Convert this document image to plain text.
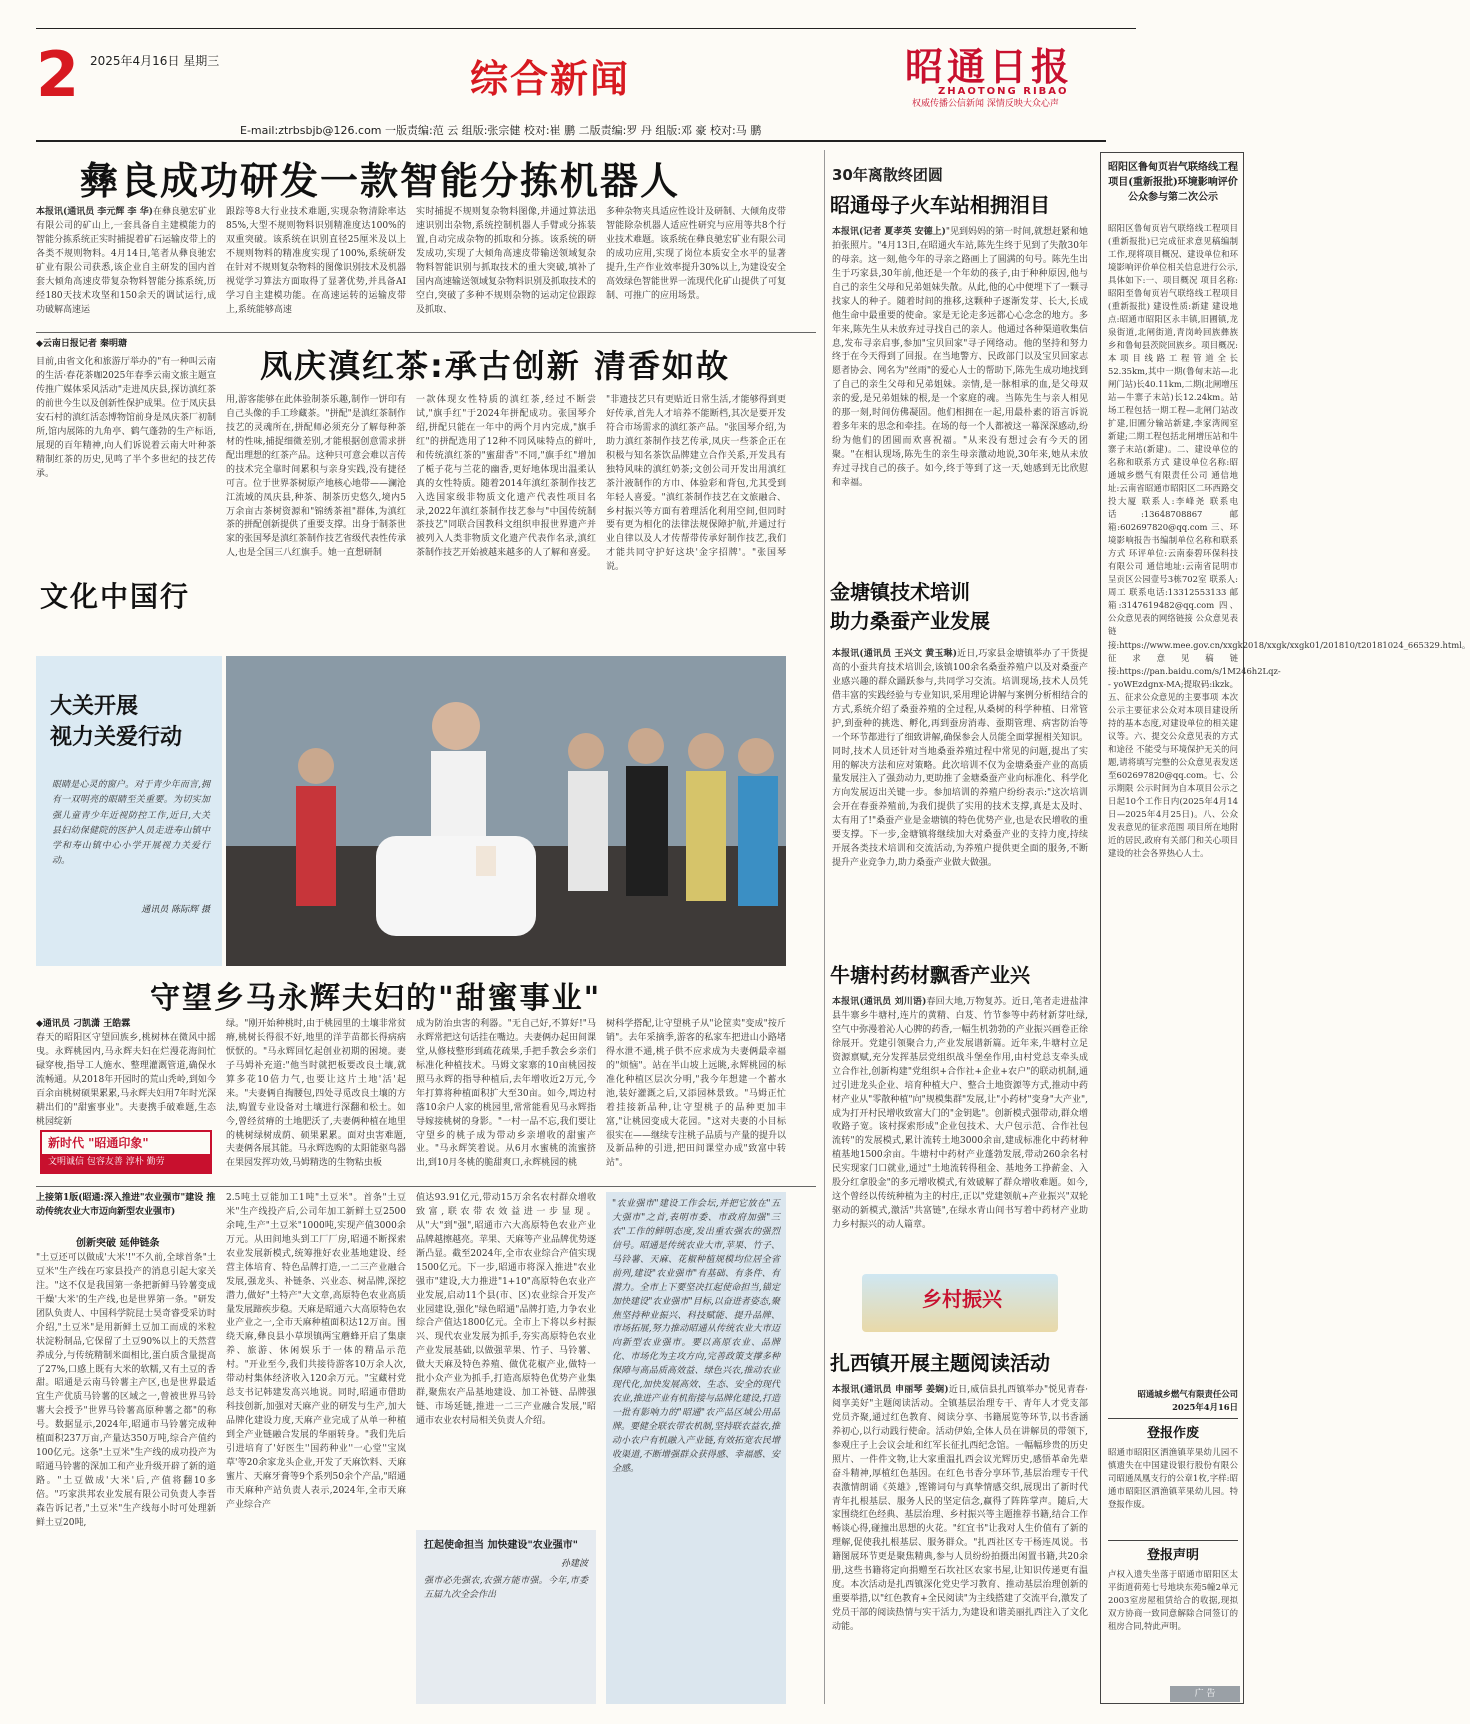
2 2025年4月16日 星期三	综合新闻	昭通日报
ZHAOTONG RIBAO
权威传播公信新闻 深情反映大众心声
E-mail:ztrbsbjb@126.com 一版责编:范 云 组版:张宗健 校对:崔 鹏 二版责编:罗 丹 组版:邓 豪 校对:马 鹏
彝良成功研发一款智能分拣机器人
本报讯(通讯员 李元辉 李 华)在彝良驰宏矿业有限公司的矿山上,一套具备自主建模能力的智能分拣系统正实时捕捉着矿石运输皮带上的各类不规则物料。4月14日,笔者从彝良驰宏矿业有限公司获悉,该企业自主研发的国内首套大倾角高速皮带复杂物料智能分拣系统,历经180天技术攻坚和150余天的调试运行,成功破解高速运
跟踪等8大行业技术难题,实现杂物清除率达85%,大型不规则物料识别精准度达100%的双重突破。该系统在识别直径25厘米及以上不规则物料的精准度实现了100%,系统研发在针对不规则复杂物料的图像识别技术及机器视觉学习算法方面取得了显著优势,并具备AI学习自主建模功能。在高速运转的运输皮带上,系统能够高速
实时捕捉不规则复杂物料图像,并通过算法迅速识别出杂物,系统控制机器人手臂或分拣装置,自动完成杂物的抓取和分拣。该系统的研发成功,实现了大倾角高速皮带输送领域复杂物料智能识别与抓取技术的重大突破,填补了国内高速输送领域复杂物料识别及抓取技术的空白,突破了多种不规则杂物的运动定位跟踪及抓取、
多种杂物夹具适应性设计及研制、大倾角皮带智能除杂机器人适应性研究与应用等共8个行业技术难题。该系统在彝良驰宏矿业有限公司的成功应用,实现了岗位本质安全水平的显著提升,生产作业效率提升30%以上,为建设安全高效绿色智能世界一流现代化矿山提供了可复制、可推广的应用场景。
◆云南日报记者 秦明瑭
凤庆滇红茶:承古创新 清香如故
目前,由省文化和旅游厅举办的"有一种叫云南的生活·春花茶咖2025年春季云南文旅主题宣传推广媒体采风活动"走进凤庆县,探访滇红茶的前世今生以及创新性保护成果。位于凤庆县安石村的滇红活态博物馆前身是凤庆茶厂初制所,馆内展陈的九角亭、鹤气蓬勃的生产标语,展现的百年精神,向人们诉说着云南大叶种茶精制红茶的历史,见鸣了半个多世纪的技艺传承。
文化中国行
用,游客能够在此体验制茶乐趣,制作一饼印有自己头像的手工珍藏茶。"拼配"是滇红茶制作技艺的灵魂所在,拼配师必须充分了解每种茶材的性味,捕捉细微差别,才能根据创意需求拼配出理想的红茶产品。这种只可意会难以言传的技术完全靠时间累积与亲身实践,没有捷径可言。位于世界茶树原产地核心地带——澜沧江流域的凤庆县,种茶、制茶历史悠久,境内5万余亩古茶树资源和"锦绣茶祖"群体,为滇红茶的拼配创新提供了重要支撑。出身于制茶世家的张国琴是滇红茶制作技艺省级代表性传承人,也是全国三八红旗手。她一直想研制
一款体现女性特质的滇红茶,经过不断尝试,"旗手红"于2024年拼配成功。张国琴介绍,拼配只能在一年中的两个月内完成,"旗手红"的拼配选用了12种不同风味特点的鲜叶,和传统滇红茶的"蜜甜香"不同,"旗手红"增加了栀子花与兰花的幽香,更好地体现出温柔认真的女性特质。随着2014年滇红茶制作技艺入选国家级非物质文化遗产代表性项目名录,2022年滇红茶制作技艺参与"中国传统制茶技艺"同联合国教科文组织申报世界遗产并被列入人类非物质文化遗产代表作名录,滇红茶制作技艺开始被越来越多的人了解和喜爱。
"非遗技艺只有更贴近日常生活,才能够得到更好传承,首先人才培养不能断档,其次是要开发符合市场需求的滇红茶产品。"张国琴介绍,为助力滇红茶制作技艺传承,凤庆一些茶企正在积极与知名茶饮品牌建立合作关系,开发具有独特风味的滇红奶茶;文创公司开发出用滇红茶汁液制作的方巾、体验彩和背包,尤其受到年轻人喜爱。"滇红茶制作技艺在文旅融合、乡村振兴等方面有着理活化利用空间,但同时要有更为相化的法律法规保障护航,并通过行业自律以及人才传帮带传承好制作技艺,我们才能共同守护好这块'金字招牌'。"张国琴说。
大关开展
视力关爱行动
眼睛是心灵的窗户。对于青少年而言,拥有一双明亮的眼睛至关重要。为切实加强儿童青少年近视防控工作,近日,大关县妇幼保健院的医护人员走进寿山镇中学和寿山镇中心小学开展视力关爱行动。
通讯员 陈际辉 摄
守望乡马永辉夫妇的"甜蜜事业"
◆通讯员 刁凯潇 王皓霖
春天的昭阳区守望回族乡,桃树林在微风中摇曳。永辉桃园内,马永辉夫妇在烂漫花海间忙碌穿梭,指导工人施水、整理灌溉管道,确保水流畅通。从2018年开园时的荒山秃岭,到如今百余亩桃树硕果累累,马永辉夫妇用7年时光深耕出们的"甜蜜事业"。夫妻携手破难题,生态桃园绽新
新时代 "昭通印象"
文明诚信 包容友善 淳朴 勤劳
绿。"刚开始种桃时,由于桃园里的土壤非常贫瘠,桃树长得很不好,地里的洋芋苗都长得病病恹恹的。"马永辉回忆起创业初期的困境。妻子马姆补充道:"他当时就把板要改良土壤,就算多花10倍力气,也要让这片土地'活'起来。"夫妻俩自掏腰包,四处寻觅改良土壤的方法,购置专业设备对土壤进行深翻和松土。如今,曾经贫瘠的土地肥沃了,夫妻俩种植在地里的桃树绿树成荫、硕果累累。面对虫害难题,夫妻俩各展其能。马永辉选购的太阳能驱鸟器在果园发挥功效,马姆精选的生物粘虫板
成为防治虫害的利器。"无自己好,不算好!"马永辉常把这句话挂在嘴边。夫妻俩办起田间课堂,从修枝整形到疏花疏果,手把手教会乡亲们标准化种植技术。马姆文家寨的10亩桃园按照马永辉的指导种植后,去年增收近2万元,今年打算将种植面积扩大至30亩。如今,周边村落10余户人家的桃园里,常常能看见马永辉指导嫁接桃树的身影。"一村一品不忘,我们要让守望乡的桃子成为带动乡亲增收的甜蜜产业。"马永辉笑着说。从6月水蜜桃的流蜜挤出,到10月冬桃的脆甜爽口,永辉桃园的桃
树科学搭配,让守望桃子从"论筐卖"变成"按斤销"。去年采摘季,游客的私家车把进山小路堵得水泄不通,桃子供不应求成为夫妻俩最幸福的"烦恼"。站在半山坡上远眺,永辉桃园的标准化种植区层次分明,"我今年想建一个蓄水池,装好灌溉之后,又添园林景致。"马姆正忙着挂接新品种,让守望桃子的品种更加丰富,"让桃园变成大花园。"这对夫妻的小目标很实在——继续专注桃子品质与产量的提升以及新品种的引进,把田间课堂办成"致富中转站"。
上接第1版(昭通:深入推进"农业强市"建设 推动传统农业大市迈向新型农业强市)
创新突破 延伸链条
"土豆还可以做成'大米'!"不久前,全球首条"土豆米"生产线在巧家县投产的消息引起大家关注。"这不仅是我国第一条把新鲜马铃薯变成干燥'大米'的生产线,也是世界第一条。"研发团队负责人、中国科学院昆士昊奇睿受采访时介绍,"土豆米"是用新鲜土豆加工而成的米粒状淀粉制品,它保留了土豆90%以上的天然营养成分,与传统精制米面相比,蛋白质含量提高了27%,口感上既有大米的软糯,又有土豆的香甜。昭通是云南马铃薯主产区,也是世界最适宜生产优质马铃薯的区域之一,曾被世界马铃薯大会授予"世界马铃薯高原种薯之都"的称号。数据显示,2024年,昭通市马铃薯完成种植面积237万亩,产量达350万吨,综合产值约100亿元。这条"土豆米"生产线的成功投产为昭通马铃薯的深加工和产业升级开辟了新的道路。"土豆做成'大米'后,产值将翻10多倍。"巧家洪邦农业发展有限公司负责人李晋森告诉记者,"土豆米"生产线每小时可处理新鲜土豆20吨,
2.5吨土豆能加工1吨"土豆米"。首条"土豆米"生产线投产后,公司年加工新鲜土豆2500余吨,生产"土豆米"1000吨,实现产值3000余万元。从田间地头到工厂厂房,昭通不断探索农业发展新模式,统筹推好农业基地建设、经营主体培育、特色品牌打造,一二三产业融合发展,强龙头、补链条、兴业态、树品牌,深挖潜力,做好"土特产"大文章,高原特色农业高质量发展蹄疾步稳。天麻是昭通六大高原特色农业产业之一,全市天麻种植面积达12万亩。围绕天麻,彝良县小草坝镇两宝蘑蜂开启了集康养、旅游、休闲娱乐于一体的精品示范村。"开业至今,我们共接待游客10万余人次,带动村集体经济收入120余万元。"宝藏村党总支书记韩建发高兴地说。同时,昭通市借助科技创新,加强对天麻产业的研发与生产,加大品牌化建设力度,天麻产业完成了从单一种植到全产业链融合发展的华丽转身。"我们先后引进培育了'好医生''国药种业''一心堂''宝岚草'等20余家龙头企业,开发了天麻饮料、天麻蜜片、天麻牙膏等9个系列50余个产品,"昭通市天麻种产站负责人表示,2024年,全市天麻产业综合产
值达93.91亿元,带动15万余名农村群众增收致富,联农带农效益进一步显现。从"大"到"强",昭通市六大高原特色农业产业品牌越擦越亮。苹果、天麻等产业品牌优势逐渐凸显。截至2024年,全市农业综合产值实现1500亿元。下一步,昭通市将深入推进"农业强市"建设,大力推进"1+10"高原特色农业产业发展,启动11个县(市、区)农业综合开发产业园建设,强化"绿色昭通"品牌打造,力争农业综合产值达1800亿元。全市上下将以乡村振兴、现代农业发展为抓手,夯实高原特色农业产业发展基础,以做强苹果、竹子、马铃薯、做大天麻及特色养殖、做优花椒产业,做特一批小众产业为抓手,打造高原特色优势产业集群,聚焦农产品基地建设、加工补链、品牌强链、市场延链,推进一二三产业融合发展,"昭通市农业农村局相关负责人介绍。
扛起使命担当 加快建设"农业强市"
孙建波
强市必先强农,农强方能市强。今年,市委五届九次全会作出
"农业强市"建设工作会坛,并把它放在"五大强市"之首,表明市委、市政府加强"三农"工作的鲜明态度,发出重农强农的强烈信号。昭通是传统农业大市,苹果、竹子、马铃薯、天麻、花椒种植规模均位居全省前列,建设"农业强市"有基础、有条件、有潜力。全市上下要坚决扛起使命担当,锚定加快建设"农业强市"目标,以奋进者姿态,聚焦坚持种业振兴、科技赋能、提升品牌、市场拓展,努力推动昭通从传统农业大市迈向新型农业强市。要以高原农业、品牌化、市场化为主攻方向,完善政策支撑多种保障与高品质高效益、绿色兴农,推动农业现代化,加快发展高效、生态、安全的现代农业,推进产业有机衔接与品牌化建设,打造一批有影响力的"昭通"农产品区域公用品牌。要健全联农带农机制,坚持联农益农,推动小农户有机融入产业链,有效拓宽农民增收渠道,不断增强群众获得感、幸福感、安全感。
30年离散终团圆
昭通母子火车站相拥泪目
本报讯(记者 夏孝英 安德上)"见到妈妈的第一时间,就想赶紧和她拍张照片。"4月13日,在昭通火车站,陈先生终于见到了失散30年的母亲。这一刻,他今年的寻亲之路画上了圆满的句号。陈先生出生于巧家县,30年前,他还是一个年幼的孩子,由于种种原因,他与自己的亲生父母和兄弟姐妹失散。从此,他的心中便埋下了一颗寻找家人的种子。随着时间的推移,这颗种子逐渐发芽、长大,长成他生命中最重要的使命。家是无论走多远都心心念念的地方。多年来,陈先生从未放弃过寻找自己的亲人。他通过各种渠道收集信息,发布寻亲启事,参加"宝贝回家"寻子网络动。他的坚持和努力终于在今天得到了回报。在当地警方、民政部门以及宝贝回家志愿者协会、网名为"丝雨"的爱心人士的帮助下,陈先生成功地找到了自己的亲生父母和兄弟姐妹。亲情,是一脉相承的血,是父母双亲的爱,是兄弟姐妹的根,是一个家庭的魂。当陈先生与亲人相见的那一刻,时间仿佛凝固。他们相拥在一起,用最朴素的语言诉说着多年来的思念和牵挂。在场的每一个人都被这一幕深深感动,纷纷为他们的团圆而欢喜祝福。"从来没有想过会有今天的团聚。"在相认现场,陈先生的亲生母亲激动地说,30年来,她从未放弃过寻找自己的孩子。如今,终于等到了这一天,她感到无比欣慰和幸福。
金塘镇技术培训
助力桑蚕产业发展
本报讯(通讯员 王兴文 黄玉琳)近日,巧家县金塘镇举办了干货提高的小蚕共育技术培训会,该镇100余名桑蚕养殖户以及对桑蚕产业感兴趣的群众踊跃参与,共同学习交流。培训现场,技术人员凭借丰富的实践经验与专业知识,采用理论讲解与案例分析相结合的方式,系统介绍了桑蚕养殖的全过程,从桑树的科学种植、日常管护,到蚕种的挑选、孵化,再到蚕房消毒、蚕期管理、病害防治等一个环节都进行了细致讲解,确保参会人员能全面掌握相关知识。同时,技术人员还针对当地桑蚕养殖过程中常见的问题,提出了实用的解决方法和应对策略。此次培训不仅为金塘桑蚕产业的高质量发展注入了强劲动力,更助推了金塘桑蚕产业向标准化、科学化方向发展迈出关键一步。参加培训的养殖户纷纷表示:"这次培训会开在春蚕养殖前,为我们提供了实用的技术支撑,真是太及时、太有用了!"桑蚕产业是金塘镇的特色优势产业,也是农民增收的重要支撑。下一步,金塘镇将继续加大对桑蚕产业的支持力度,持续开展各类技术培训和交流活动,为养殖户提供更全面的服务,不断提升产业竞争力,助力桑蚕产业做大做强。
牛塘村药材飘香产业兴
本报讯(通讯员 刘川语)春回大地,万物复苏。近日,笔者走进盐津县牛寨乡牛塘村,连片的黄精、白芨、竹节参等中药材新芽吐绿,空气中弥漫着沁人心脾的药香,一幅生机勃勃的产业振兴画卷正徐徐展开。党建引领聚合力,产业发展谱新篇。近年来,牛塘村立足资源禀赋,充分发挥基层党组织战斗堡垒作用,由村党总支牵头成立合作社,创新构建"党组织+合作社+企业+农户"的联动机制,通过引进龙头企业、培育种植大户、整合土地资源等方式,推动中药材产业从"零散种植"向"规模集群"发展,让"小药材"变身"大产业",成为打开村民增收致富大门的"金钥匙"。创新模式强带动,群众增收路子宽。该村探索形成"企业包技术、大户包示范、合作社包流转"的发展模式,累计流转土地3000余亩,建成标准化中药材种植基地1500余亩。牛塘村中药材产业蓬勃发展,带动260余名村民实现家门口就业,通过"土地流转得租金、基地务工挣薪金、入股分红拿股金"的多元增收模式,有效破解了群众增收难题。如今,这个曾经以传统种植为主的村庄,正以"党建领航+产业振兴"双轮驱动的新模式,激活"共富链",在绿水青山间书写着中药材产业助力乡村振兴的动人篇章。
乡村振兴
扎西镇开展主题阅读活动
本报讯(通讯员 申丽琴 姜娴)近日,威信县扎西镇举办"悦见青春·阅享美好"主题阅读活动。全镇基层治理专干、青年人才党支部党员齐聚,通过红色教育、阅读分享、书籍展览等环节,以书香涵养初心,以行动践行使命。活动伊始,全体人员在讲解员的带领下,参观庄子上会议会址和红军长征扎西纪念馆。一幅幅珍贵的历史照片、一件件文物,让大家重温扎西会议光辉历史,感悟革命先辈奋斗精神,厚植红色基因。在红色书香分享环节,基层治理专干代表激情朗诵《英雄》,铿锵词句与真挚情感交织,展现出了新时代青年扎根基层、服务人民的坚定信念,赢得了阵阵掌声。随后,大家围绕红色经典、基层治理、乡村振兴等主题推荐书籍,结合工作畅谈心得,碰撞出思想的火花。"红宜书"让我对人生价值有了新的理解,促使我扎根基层、服务群众。"扎西社区专干杨连凤说。书籍图展环节更是聚焦精典,参与人员纷纷拍摄出闲置书籍,共20余册,这些书籍将定向捐赠至石坎社区农家书屋,让知识传递更有温度。本次活动是扎西镇深化党史学习教育、推动基层治理创新的重要举措,以"红色教育+全民阅读"为主线搭建了交流平台,激发了党员干部的阅读热情与实干活力,为建设和谐美丽扎西注入了文化动能。
昭阳区鲁甸页岩气联络线工程项目(重新报批)环境影响评价公众参与第二次公示
昭阳区鲁甸页岩气联络线工程项目(重新报批)已完成征求意见稿编制工作,现将项目概况、建设单位和环境影响评价单位相关信息进行公示,具体如下:一、项目概况 项目名称:昭阳至鲁甸页岩气联络线工程项目(重新报批) 建设性质:新建 建设地点:昭通市昭阳区永丰镇,旧圃镇,龙泉街道,北闸街道,青岗岭回族彝族乡和鲁甸县茨院回族乡。项目概况:本项目线路工程管道全长52.35km,其中一期(鲁甸末站—北闸门站)长40.11km,二期(北闸增压站—牛寨子末站)长12.24km。站场工程包括一期工程—北闸门站改扩建,旧圃分输站新建,李家湾阀室新建;二期工程包括北闸增压站和牛寨子末站(新建)。二、建设单位的名称和联系方式 建设单位名称:昭通城乡燃气有限责任公司 通信地址:云南省昭通市昭阳区二环西路交投大厦 联系人:李峰尧 联系电话:13648708867 邮箱:602697820@qq.com 三、环境影响报告书编制单位名称和联系方式 环评单位:云南泰碧环保科技有限公司 通信地址:云南省昆明市呈贡区公园壹号3栋702室 联系人:周工 联系电话:13312553133 邮箱:3147619482@qq.com 四、公众意见表的网络链接 公众意见表链接:https://www.mee.gov.cn/xxgk2018/xxgk/xxgk01/201810/t20181024_665329.html。征求意见稿链接:https://pan.baidu.com/s/1M246h2Lqz-- yoWEzdgnx-MA;提取码:ikzk。五、征求公众意见的主要事项 本次公示主要征求公众对本项目建设所持的基本态度,对建设单位的相关建议等。六、提交公众意见表的方式和途径 不能受与环境保护无关的问题,请将填写完整的公众意见表发送至602697820@qq.com。七、公示期限 公示时间为自本项目公示之日起10个工作日内(2025年4月14日—2025年4月25日)。八、公众发表意见的征求范围 项目所在地附近的居民,政府有关部门和关心项目建设的社会各界热心人士。
昭通城乡燃气有限责任公司
2025年4月16日
登报作废
昭通市昭阳区洒渔镇苹果幼儿园不慎遗失在中国建设银行股份有限公司昭通凤凰支行的公章1枚,字样:昭通市昭阳区洒渔镇苹果幼儿园。特登报作废。
登报声明
卢权入遗失坐落于昭通市昭阳区太平街道荷苑七号地块东苑5幢2单元2003室房屋租赁给合的收据,现拟双方协商一致同意解除合同签订的租房合同,特此声明。
广 告
